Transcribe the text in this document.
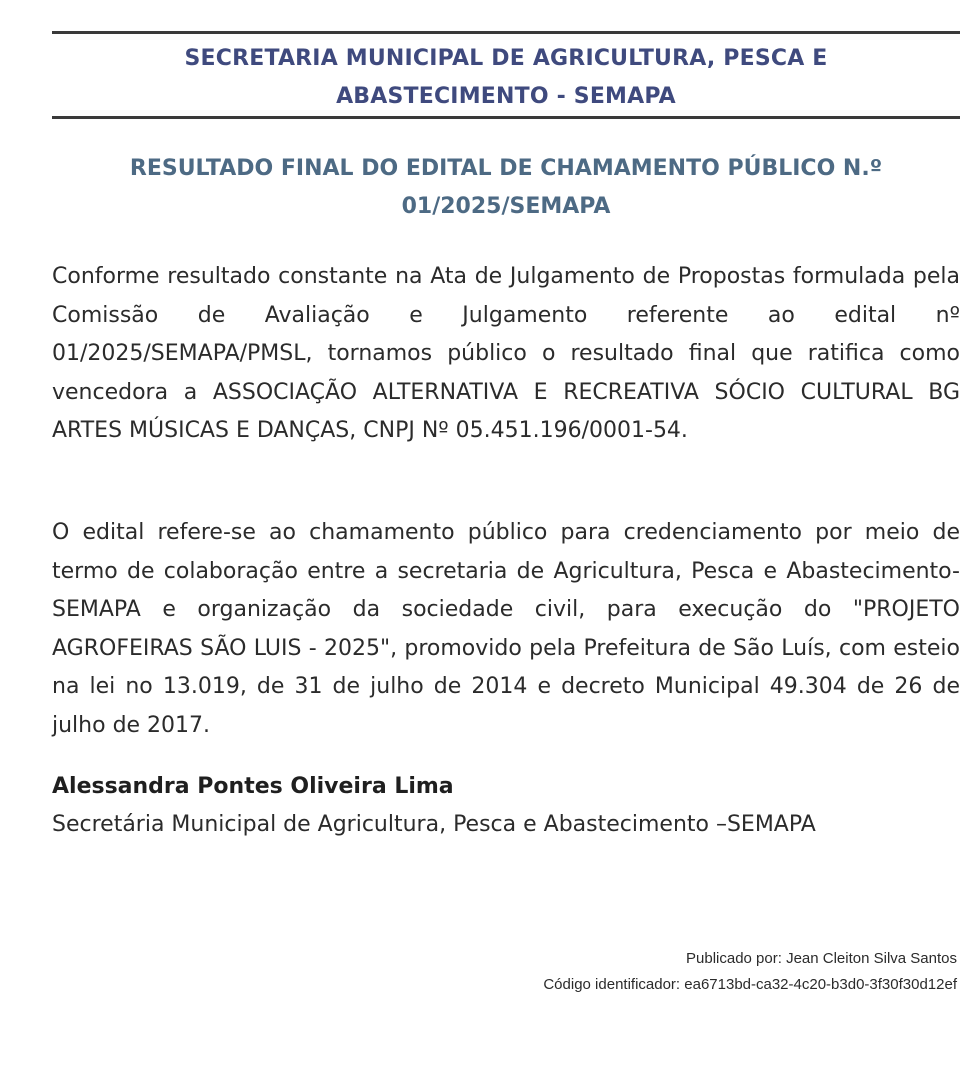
SECRETARIA MUNICIPAL DE AGRICULTURA, PESCA E
ABASTECIMENTO - SEMAPA
RESULTADO FINAL DO EDITAL DE CHAMAMENTO PÚBLICO N.º
01/2025/SEMAPA
Conforme resultado constante na Ata de Julgamento de Propostas formulada pela Comissão de Avaliação e Julgamento referente ao edital nº 01/2025/SEMAPA/PMSL, tornamos público o resultado final que ratifica como vencedora a ASSOCIAÇÃO ALTERNATIVA E RECREATIVA SÓCIO CULTURAL BG ARTES MÚSICAS E DANÇAS, CNPJ Nº 05.451.196/0001-54.
O edital refere-se ao chamamento público para credenciamento por meio de termo de colaboração entre a secretaria de Agricultura, Pesca e Abastecimento-SEMAPA e organização da sociedade civil, para execução do "PROJETO AGROFEIRAS SÃO LUIS - 2025", promovido pela Prefeitura de São Luís, com esteio na lei no 13.019, de 31 de julho de 2014 e decreto Municipal 49.304 de 26 de julho de 2017.
Alessandra Pontes Oliveira Lima
Secretária Municipal de Agricultura, Pesca e Abastecimento –SEMAPA
Publicado por: Jean Cleiton Silva Santos
Código identificador: ea6713bd-ca32-4c20-b3d0-3f30f30d12ef
